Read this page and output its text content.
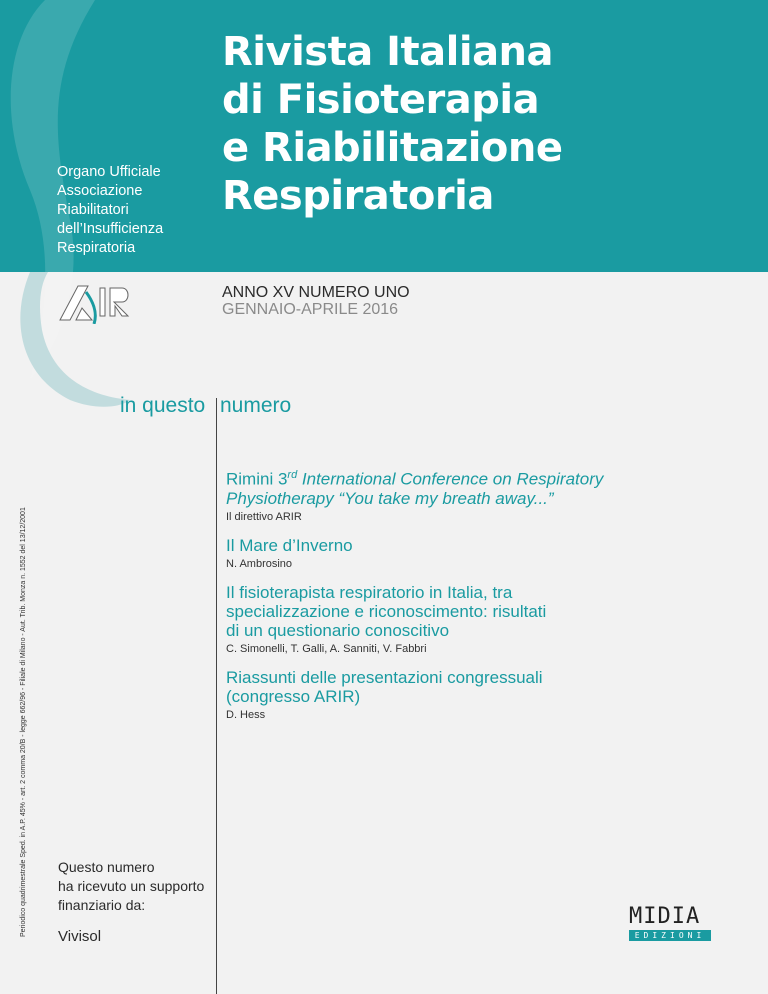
Organo Ufficiale
Associazione
Riabilitatori
dell’Insufficienza
Respiratoria
Rivista Italiana
di Fisioterapia
e Riabilitazione
Respiratoria
ANNO XV NUMERO UNO
GENNAIO-APRILE 2016
in questo numero
Rimini 3rd International Conference on Respiratory Physiotherapy “You take my breath away...”
Il direttivo ARIR
Il Mare d’Inverno
N. Ambrosino
Il fisioterapista respiratorio in Italia, tra specializzazione e riconoscimento: risultati di un questionario conoscitivo
C. Simonelli, T. Galli, A. Sanniti, V. Fabbri
Riassunti delle presentazioni congressuali (congresso ARIR)
D. Hess
Periodico quadrimestrale Sped. in A.P. 45% - art. 2 comma 20/B - legge 662/96 - Filiale di Milano - Aut. Trib. Monza n. 1552 del 13/12/2001 Questo numero
ha ricevuto un supporto
finanziario da:
Vivisol
MIDIA
EDIZIONI
